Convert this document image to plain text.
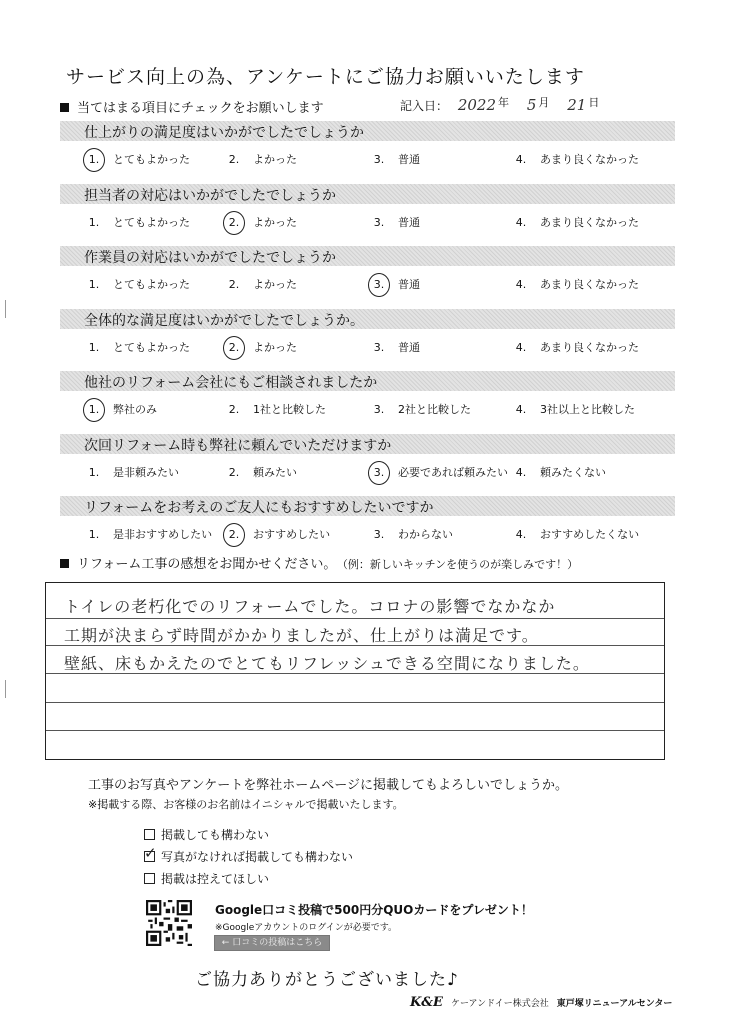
サービス向上の為、アンケートにご協力お願いいたします
当てはまる項目にチェックをお願いします	記入日： 2022 年 5 月 21 日
仕上がりの満足度はいかがでしたでしょうか
1. とてもよかった	2. よかった	3. 普通	4. あまり良くなかった
担当者の対応はいかがでしたでしょうか
1. とてもよかった	2. よかった	3. 普通	4. あまり良くなかった
作業員の対応はいかがでしたでしょうか
1. とてもよかった	2. よかった	3. 普通	4. あまり良くなかった
全体的な満足度はいかがでしたでしょうか。
1. とてもよかった	2. よかった	3. 普通	4. あまり良くなかった
他社のリフォーム会社にもご相談されましたか
1. 弊社のみ	2. 1社と比較した	3. 2社と比較した	4. 3社以上と比較した
次回リフォーム時も弊社に頼んでいただけますか
1. 是非頼みたい	2. 頼みたい	3. 必要であれば頼みたい 4. 頼みたくない
リフォームをお考えのご友人にもおすすめしたいですか
1. 是非おすすめしたい	2. おすすめしたい	3. わからない	4. おすすめしたくない
リフォーム工事の感想をお聞かせください。 （例：新しいキッチンを使うのが楽しみです！）
トイレの老朽化でのリフォームでした。コロナの影響でなかなか
工期が決まらず時間がかかりましたが、仕上がりは満足です。
壁紙、床もかえたのでとてもリフレッシュできる空間になりました。
工事のお写真やアンケートを弊社ホームページに掲載してもよろしいでしょうか。
※掲載する際、お客様のお名前はイニシャルで掲載いたします。
掲載しても構わない
✓写真がなければ掲載しても構わない
掲載は控えてほしい
Google口コミ投稿で500円分QUOカードをプレゼント！
※Googleアカウントのログインが必要です。
← 口コミの投稿はこちら
ご協力ありがとうございました♪
K&E ケーアンドイー株式会社 東戸塚リニューアルセンター
